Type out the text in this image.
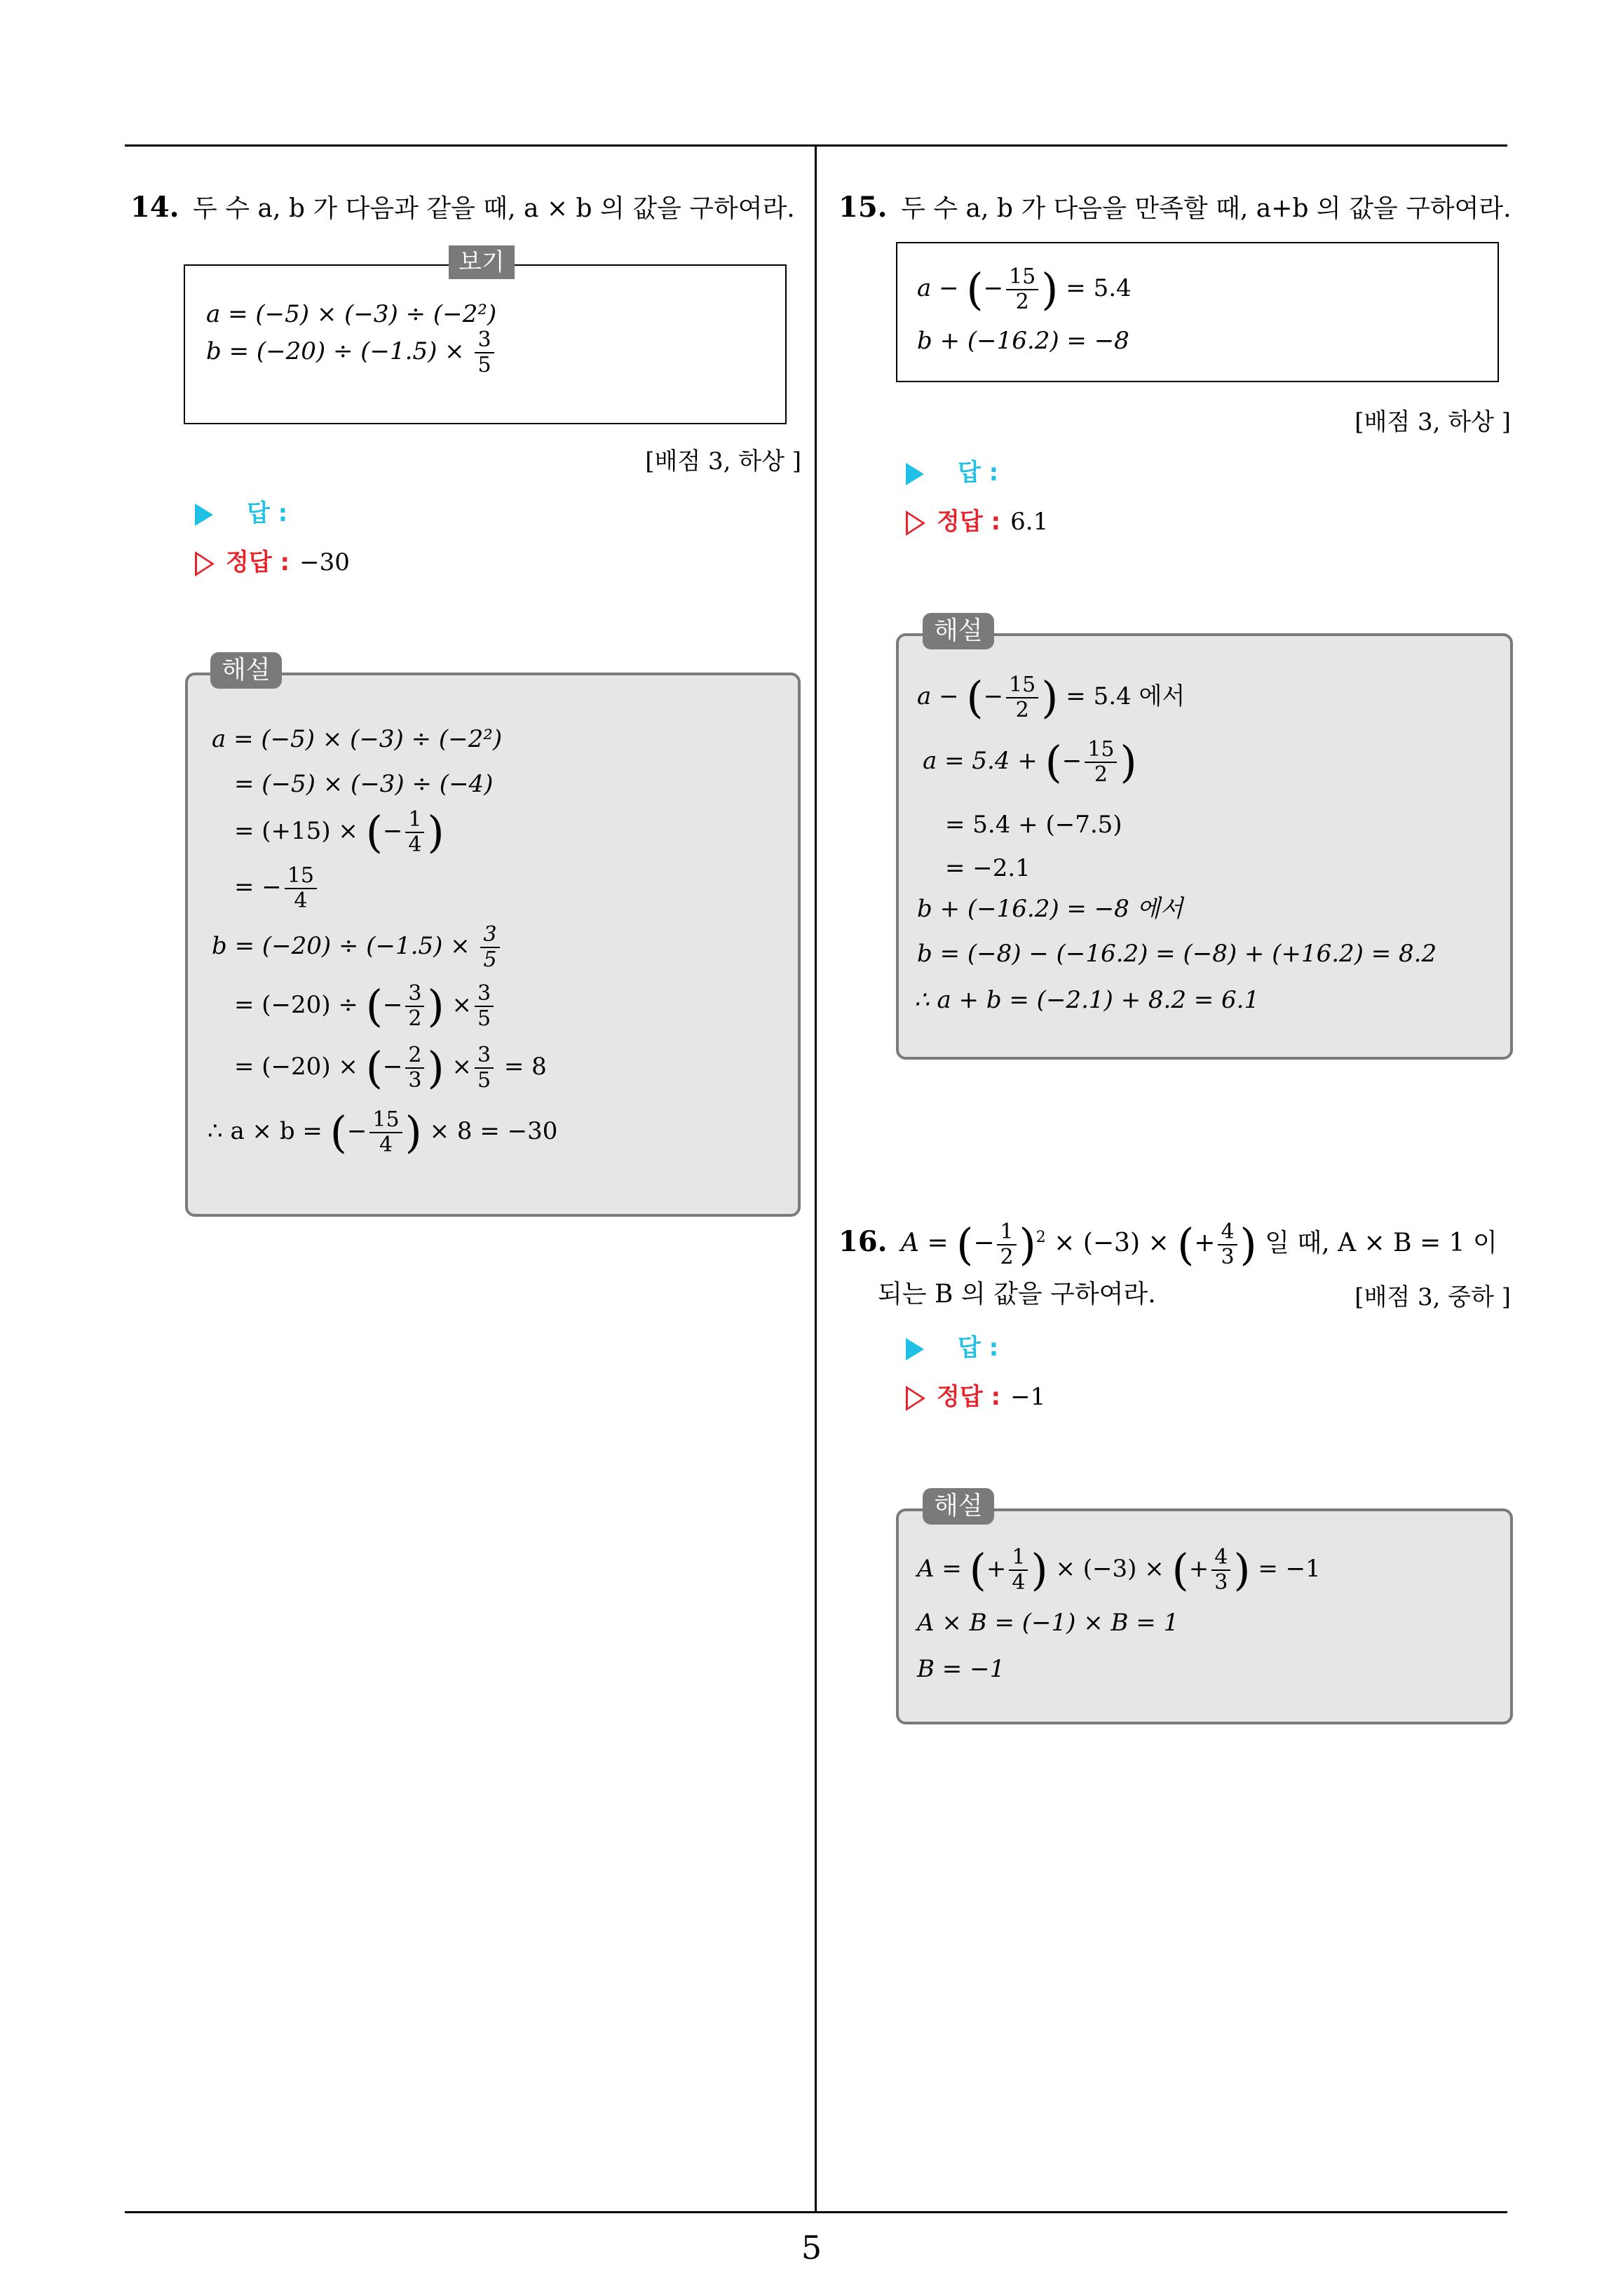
5
14. 두 수 a, b 가 다음과 같을 때, a × b 의 값을 구하여라.
보기
a = (−5) × (−3) ÷ (−2²)
$b = (-20) \div (-1.5) \times \frac{3}{5}$
[배점 3, 하상 ]
답 :
정답 : −30
해설
a = (−5) × (−3) ÷ (−2²)
= (−5) × (−3) ÷ (−4)
= (+15) × (− $\frac{1}{4}$ )
= − $\frac{15}{4}$
$b = (-20) \div (-1.5) \times \frac{3}{5}$
= (−20) ÷ (− $\frac{3}{2}$ ) × $\frac{3}{5}$
= (−20) × (− $\frac{2}{3}$ ) × $\frac{3}{5} = 8$
∴ a × b = (− $\frac{15}{4}$ ) × 8 = −30
15. 두 수 a, b 가 다음을 만족할 때, a+b 의 값을 구하여라.
a − (− $\frac{15}{2}$ ) = 5.4
b + (−16.2) = −8
[배점 3, 하상 ]
답 :
정답 : 6.1
해설
a − (− $\frac{15}{2}$ ) = 5.4 에서
a = 5.4 + (− $\frac{15}{2}$ )
= 5.4 + (−7.5)
= −2.1
b + (−16.2) = −8 에서
b = (−8) − (−16.2) = (−8) + (+16.2) = 8.2
∴ a + b = (−2.1) + 8.2 = 6.1
16. A = (− $\frac{1}{2} )^2 \times (-3)$ × (+ $\frac{4}{3}$ ) 일 때, A × B = 1 이
되는 B 의 값을 구하여라.	[배점 3, 중하 ]
답 :
정답 : −1
해설
A = (+ $\frac{1}{4}$ ) × (−3) × (+ $\frac{4}{3}$ ) = −1
A × B = (−1) × B = 1
B = −1
